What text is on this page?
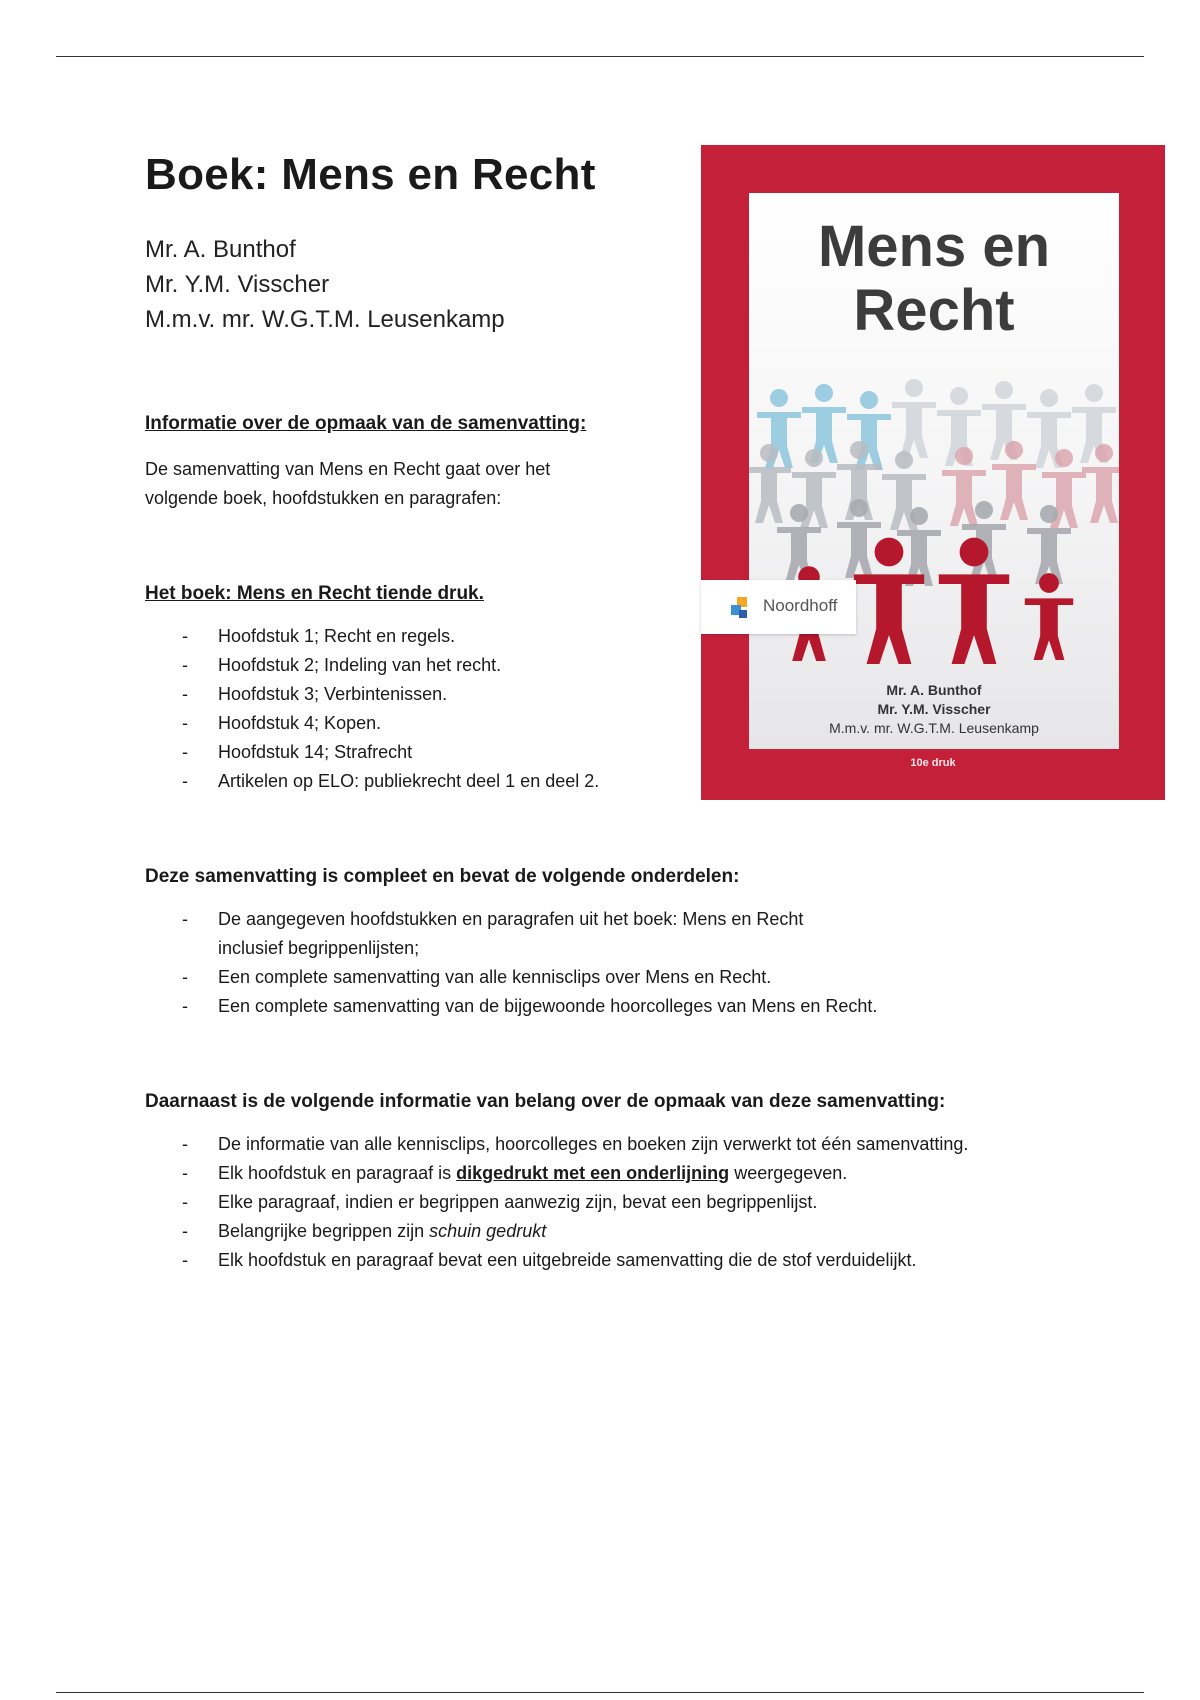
Boek: Mens en Recht
Mr. A. Bunthof
Mr. Y.M. Visscher
M.m.v. mr. W.G.T.M. Leusenkamp

Informatie over de opmaak van de samenvatting:

De samenvatting van Mens en Recht gaat over het

volgende boek, hoofdstukken en paragrafen:

Het boek: Mens en Recht tiende druk.

- Hoofdstuk 1; Recht en regels.
- Hoofdstuk 2; Indeling van het recht.
- Hoofdstuk 3; Verbintenissen.
- Hoofdstuk 4; Kopen.
- Hoofdstuk 14; Strafrecht
- Artikelen op ELO: publiekrecht deel 1 en deel 2.

Deze samenvatting is compleet en bevat de volgende onderdelen:

- De aangegeven hoofdstukken en paragrafen uit het boek: Mens en Recht inclusief begrippenlijsten;
- Een complete samenvatting van alle kennisclips over Mens en Recht.
- Een complete samenvatting van de bijgewoonde hoorcolleges van Mens en Recht.

Daarnaast is de volgende informatie van belang over de opmaak van deze samenvatting:

- De informatie van alle kennisclips, hoorcolleges en boeken zijn verwerkt tot één samenvatting.
- Elk hoofdstuk en paragraaf is dikgedrukt met een onderlijning weergegeven.
- Elke paragraaf, indien er begrippen aanwezig zijn, bevat een begrippenlijst.
- Belangrijke begrippen zijn schuin gedrukt
- Elk hoofdstuk en paragraaf bevat een uitgebreide samenvatting die de stof verduidelijkt.
Mens en
Recht
Mr. A. Bunthof
Mr. Y.M. Visscher
M.m.v. mr. W.G.T.M. Leusenkamp
10e druk
Noordhoff
